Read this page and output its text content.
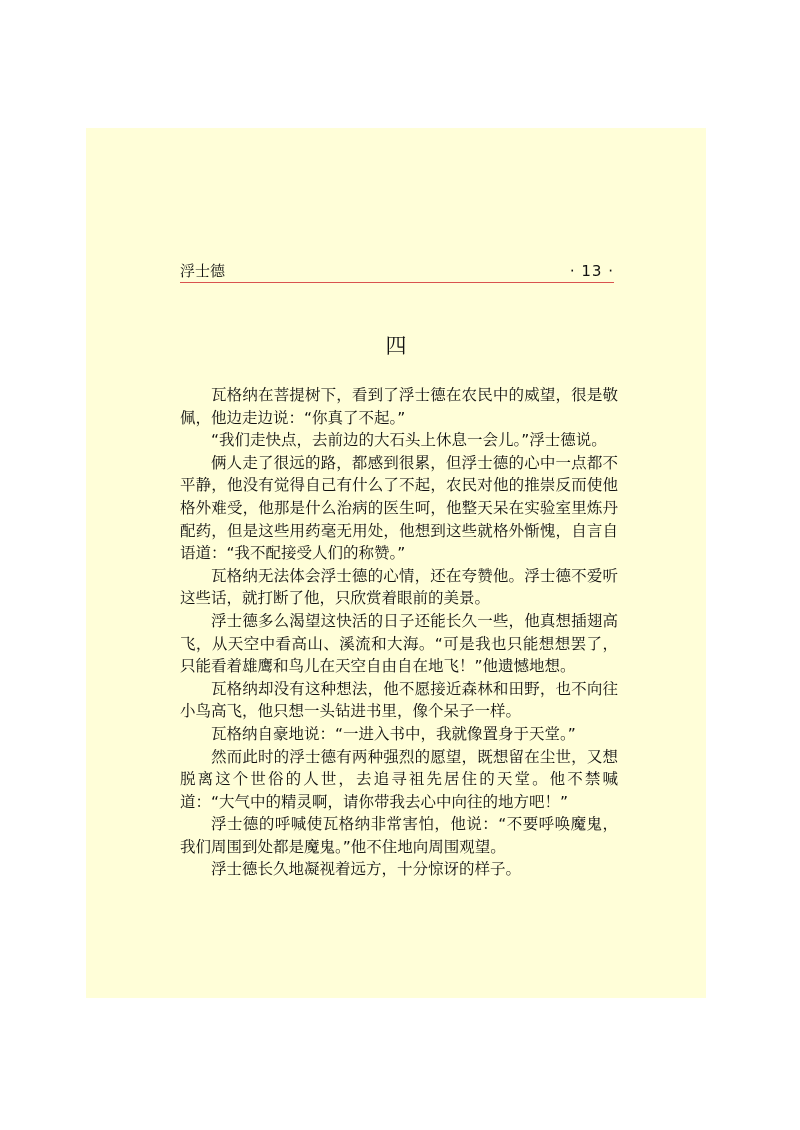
浮士德	· 13 ·
四

瓦格纳在菩提树下，看到了浮士德在农民中的威望，很是敬佩，他边走边说：“你真了不起。”

“我们走快点，去前边的大石头上休息一会儿。”浮士德说。

俩人走了很远的路，都感到很累，但浮士德的心中一点都不平静，他没有觉得自己有什么了不起，农民对他的推崇反而使他格外难受，他那是什么治病的医生呵，他整天呆在实验室里炼丹配药，但是这些用药毫无用处，他想到这些就格外惭愧，自言自语道：“我不配接受人们的称赞。”

瓦格纳无法体会浮士德的心情，还在夸赞他。浮士德不爱听这些话，就打断了他，只欣赏着眼前的美景。

浮士德多么渴望这快活的日子还能长久一些，他真想插翅高飞，从天空中看高山、溪流和大海。“可是我也只能想想罢了，只能看着雄鹰和鸟儿在天空自由自在地飞！”他遗憾地想。

瓦格纳却没有这种想法，他不愿接近森林和田野，也不向往小鸟高飞，他只想一头钻进书里，像个呆子一样。

瓦格纳自豪地说：“一进入书中，我就像置身于天堂。”

然而此时的浮士德有两种强烈的愿望，既想留在尘世，又想脱离这个世俗的人世，去追寻祖先居住的天堂。他不禁喊道：“大气中的精灵啊，请你带我去心中向往的地方吧！”

浮士德的呼喊使瓦格纳非常害怕，他说：“不要呼唤魔鬼，我们周围到处都是魔鬼。”他不住地向周围观望。

浮士德长久地凝视着远方，十分惊讶的样子。
